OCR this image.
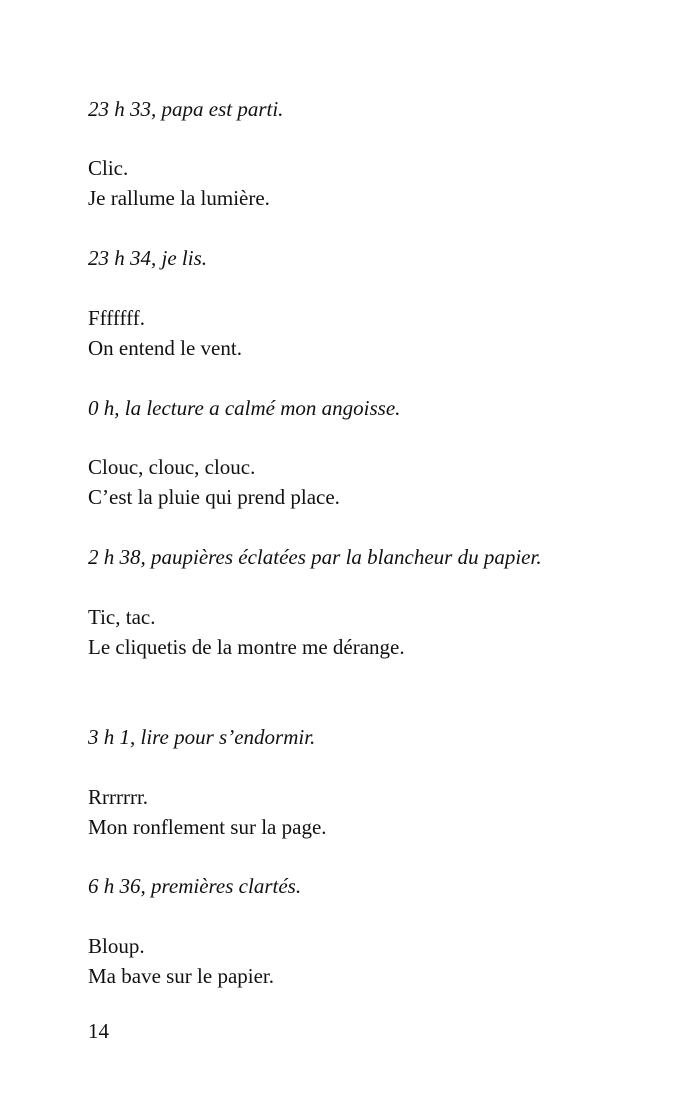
23 h 33, papa est parti.
Clic.
Je rallume la lumière.
23 h 34, je lis.
Fffffff.
On entend le vent.
0 h, la lecture a calmé mon angoisse.
Clouc, clouc, clouc.
C’est la pluie qui prend place.
2 h 38, paupières éclatées par la blancheur du papier.
Tic, tac.
Le cliquetis de la montre me dérange.
3 h 1, lire pour s’endormir.
Rrrrrrr.
Mon ronflement sur la page.
6 h 36, premières clartés.
Bloup.
Ma bave sur le papier.
14
